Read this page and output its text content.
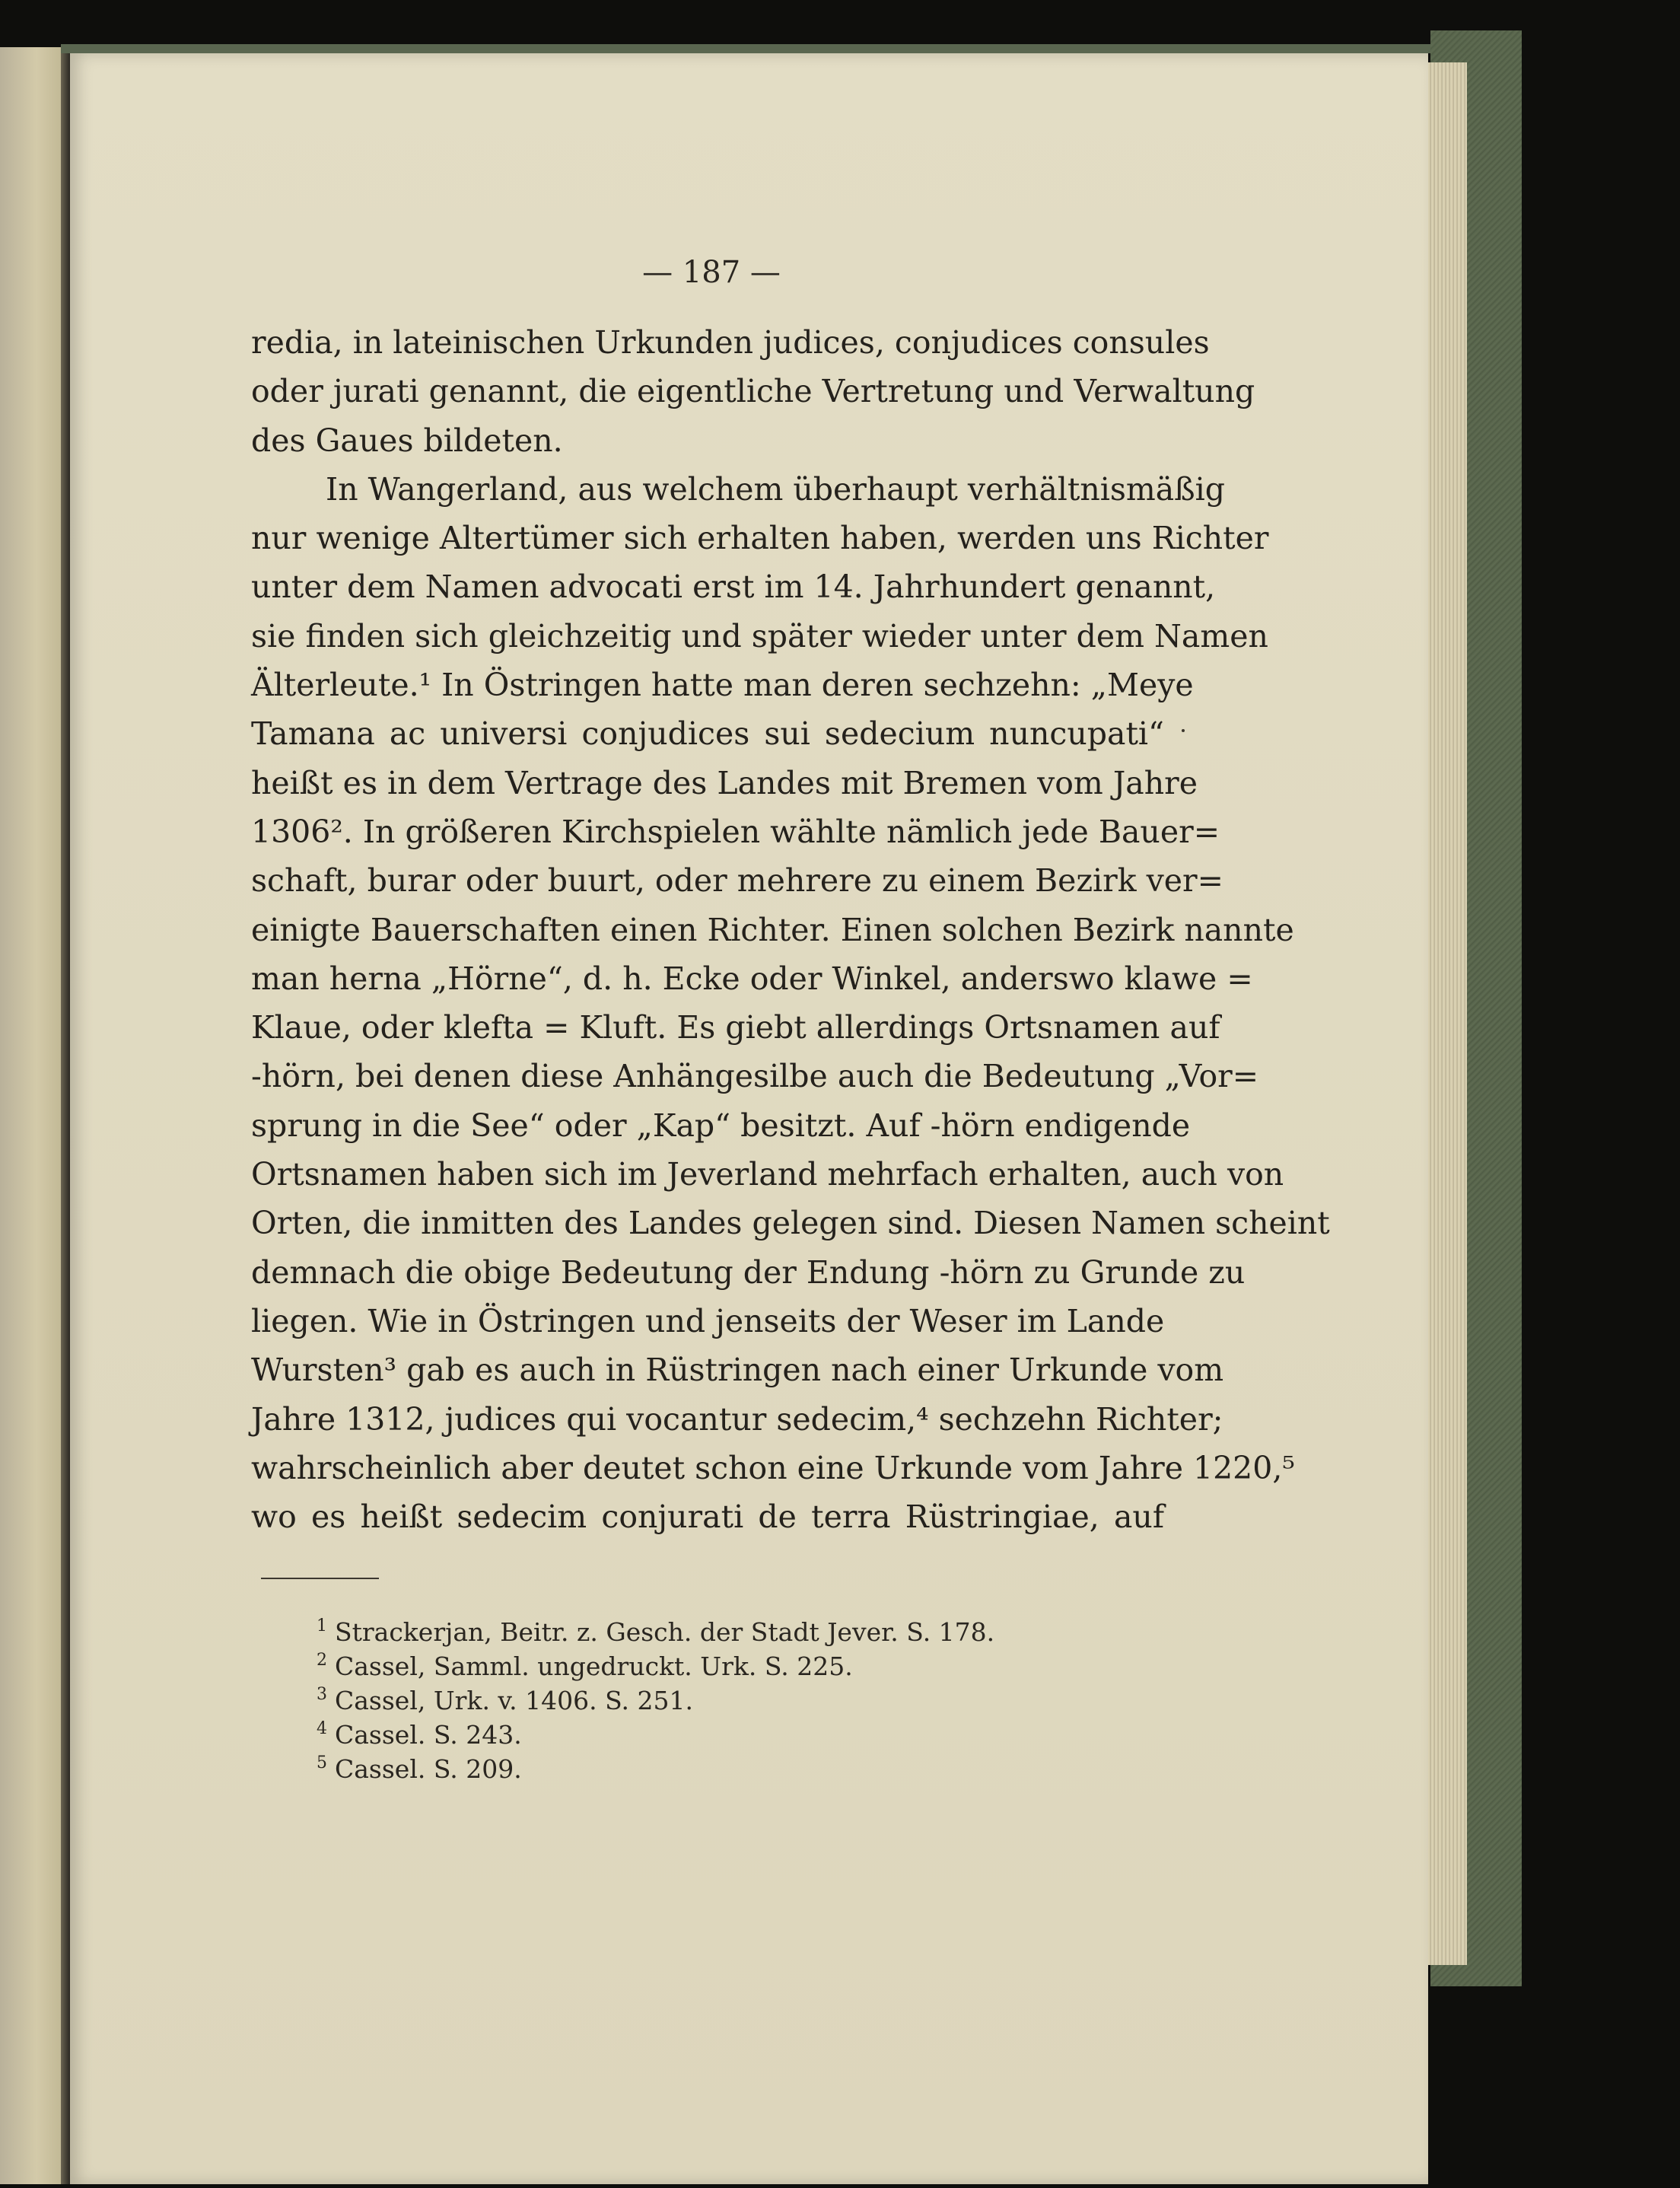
— 187 —
redia, in lateinischen Urkunden judices, conjudices consules
oder jurati genannt, die eigentliche Vertretung und Verwaltung
des Gaues bildeten.
In Wangerland, aus welchem überhaupt verhältnismäßig
nur wenige Altertümer sich erhalten haben, werden uns Richter
unter dem Namen advocati erst im 14. Jahrhundert genannt,
sie finden sich gleichzeitig und später wieder unter dem Namen
Älterleute.¹ In Östringen hatte man deren sechzehn: „Meye
Tamana ac universi conjudices sui sedecium nuncupati“
heißt es in dem Vertrage des Landes mit Bremen vom Jahre
1306². In größeren Kirchspielen wählte nämlich jede Bauer=
schaft, burar oder buurt, oder mehrere zu einem Bezirk ver=
einigte Bauerschaften einen Richter. Einen solchen Bezirk nannte
man herna „Hörne“, d. h. Ecke oder Winkel, anderswo klawe =
Klaue, oder klefta = Kluft. Es giebt allerdings Ortsnamen auf
-hörn, bei denen diese Anhängesilbe auch die Bedeutung „Vor=
sprung in die See“ oder „Kap“ besitzt. Auf -hörn endigende
Ortsnamen haben sich im Jeverland mehrfach erhalten, auch von
Orten, die inmitten des Landes gelegen sind. Diesen Namen scheint
demnach die obige Bedeutung der Endung -hörn zu Grunde zu
liegen. Wie in Östringen und jenseits der Weser im Lande
Wursten³ gab es auch in Rüstringen nach einer Urkunde vom
Jahre 1312, judices qui vocantur sedecim,⁴ sechzehn Richter;
wahrscheinlich aber deutet schon eine Urkunde vom Jahre 1220,⁵
wo es heißt sedecim conjurati de terra Rüstringiae, auf
1 Strackerjan, Beitr. z. Gesch. der Stadt Jever. S. 178.
2 Cassel, Samml. ungedruckt. Urk. S. 225.
3 Cassel, Urk. v. 1406. S. 251.
4 Cassel. S. 243.
5 Cassel. S. 209.
